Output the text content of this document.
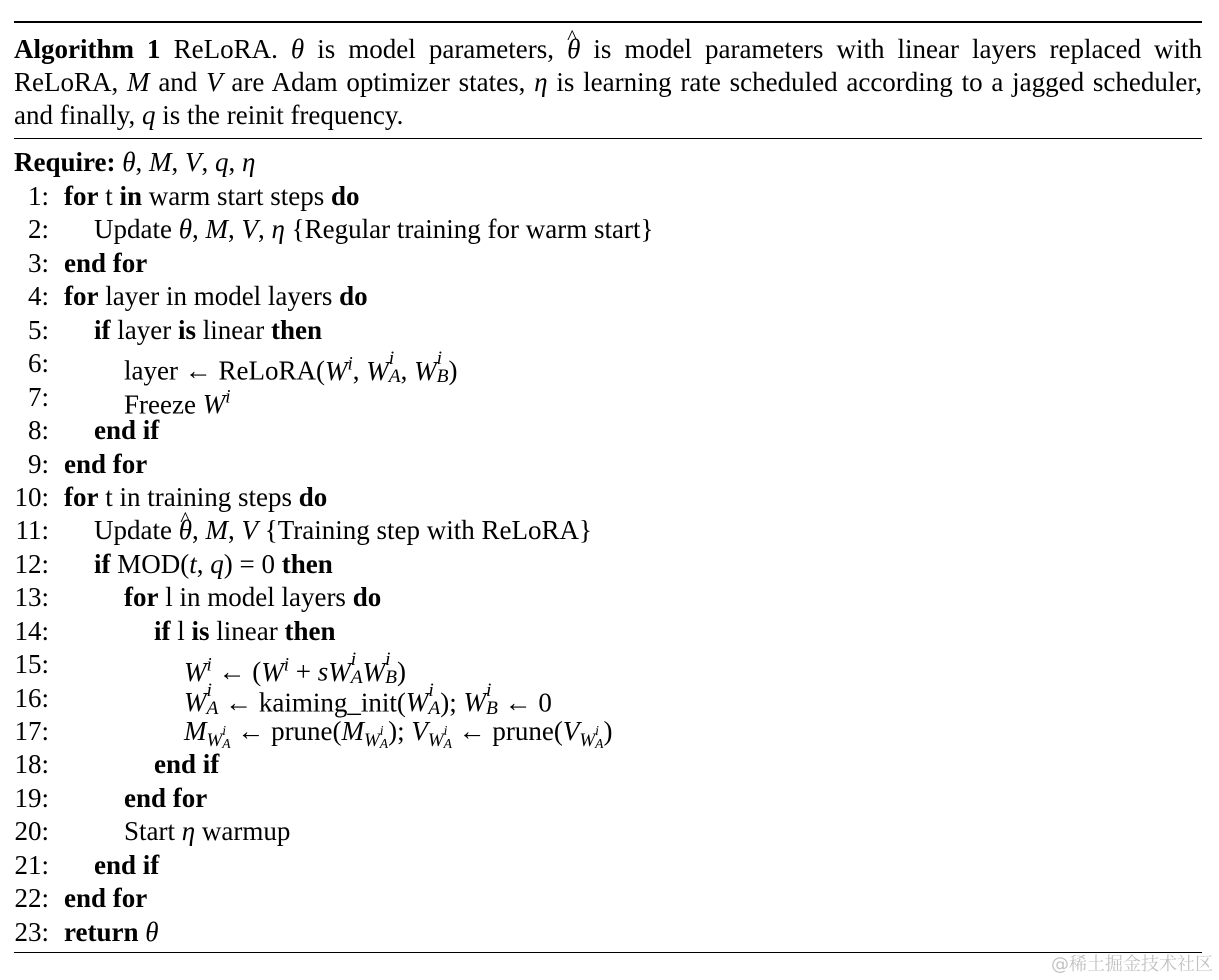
Algorithm 1 ReLoRA. θ is model parameters, ^ θ is model parameters with linear layers replaced with ReLoRA, M and V are Adam optimizer states, η is learning rate scheduled according to a jagged scheduler, and finally, q is the reinit frequency.
Require: θ, M, V, q, η
1: for t in warm start steps do
2: Update θ, M, V, η {Regular training for warm start}
3: end for
4: for layer in model layers do
5: if layer is linear then
6:	layer ← $ReLoRA(W^i$, W i
A , W i
B )
7:	Freeze $W^i$
8: end if
9: end for
10: for t in training steps do
11: Update ^ θ, M, V {Training step with ReLoRA}
12: if MOD(t, q) = 0 then
13:	for l in model layers do
14:	if l is linear then
15:	$W^i$ ← ($W^i$ + sW i
A W i
B )
16:	W i
A ← kaiming_init(W i
A ); W i
B ← 0
17:	$M_{W i A}$ ← $prune(M_{W i A}$ ); $V_{W i A}$ ← $prune(V_{W i A}$ )
18:	end if
19:	end for
20:	Start η warmup
21: end if
22: end for
23: return θ
@稀土掘金技术社区
